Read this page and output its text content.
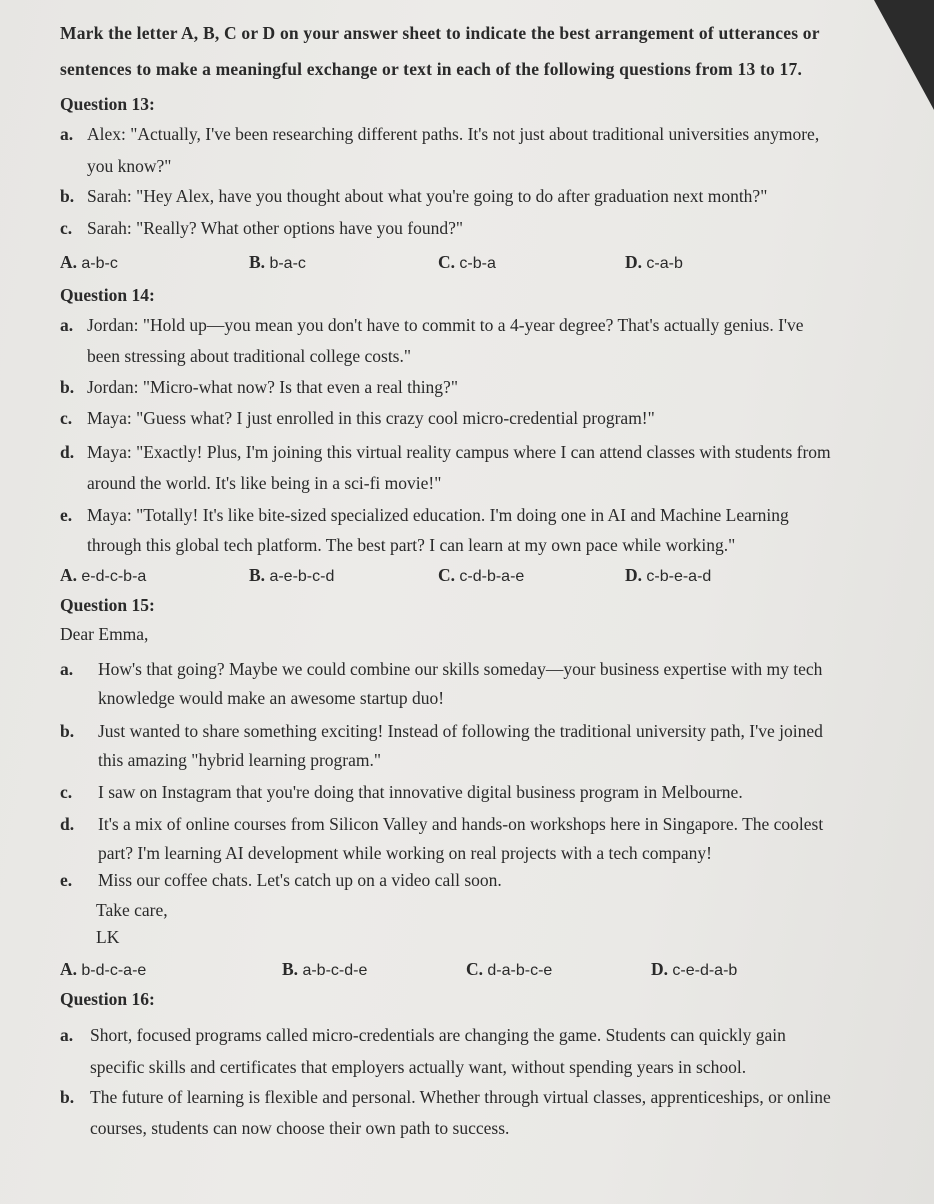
Mark the letter A, B, C or D on your answer sheet to indicate the best arrangement of utterances or
sentences to make a meaningful exchange or text in each of the following questions from 13 to 17.
Question 13:
a. Alex: "Actually, I've been researching different paths. It's not just about traditional universities anymore,
you know?"
b. Sarah: "Hey Alex, have you thought about what you're going to do after graduation next month?"
c. Sarah: "Really? What other options have you found?"
A. a-b-c	B. b-a-c	C. c-b-a	D. c-a-b
Question 14:
a. Jordan: "Hold up—you mean you don't have to commit to a 4-year degree? That's actually genius. I've
been stressing about traditional college costs."
b. Jordan: "Micro-what now? Is that even a real thing?"
c. Maya: "Guess what? I just enrolled in this crazy cool micro-credential program!"
d. Maya: "Exactly! Plus, I'm joining this virtual reality campus where I can attend classes with students from
around the world. It's like being in a sci-fi movie!"
e. Maya: "Totally! It's like bite-sized specialized education. I'm doing one in AI and Machine Learning
through this global tech platform. The best part? I can learn at my own pace while working."
A. e-d-c-b-a	B. a-e-b-c-d	C. c-d-b-a-e	D. c-b-e-a-d
Question 15:
Dear Emma,
a. How's that going? Maybe we could combine our skills someday—your business expertise with my tech
knowledge would make an awesome startup duo!
b. Just wanted to share something exciting! Instead of following the traditional university path, I've joined
this amazing "hybrid learning program."
c. I saw on Instagram that you're doing that innovative digital business program in Melbourne.
d. It's a mix of online courses from Silicon Valley and hands-on workshops here in Singapore. The coolest
part? I'm learning AI development while working on real projects with a tech company!
e. Miss our coffee chats. Let's catch up on a video call soon.
Take care,
LK
A. b-d-c-a-e	B. a-b-c-d-e	C. d-a-b-c-e	D. c-e-d-a-b
Question 16:
a. Short, focused programs called micro-credentials are changing the game. Students can quickly gain
specific skills and certificates that employers actually want, without spending years in school.
b. The future of learning is flexible and personal. Whether through virtual classes, apprenticeships, or online
courses, students can now choose their own path to success.
